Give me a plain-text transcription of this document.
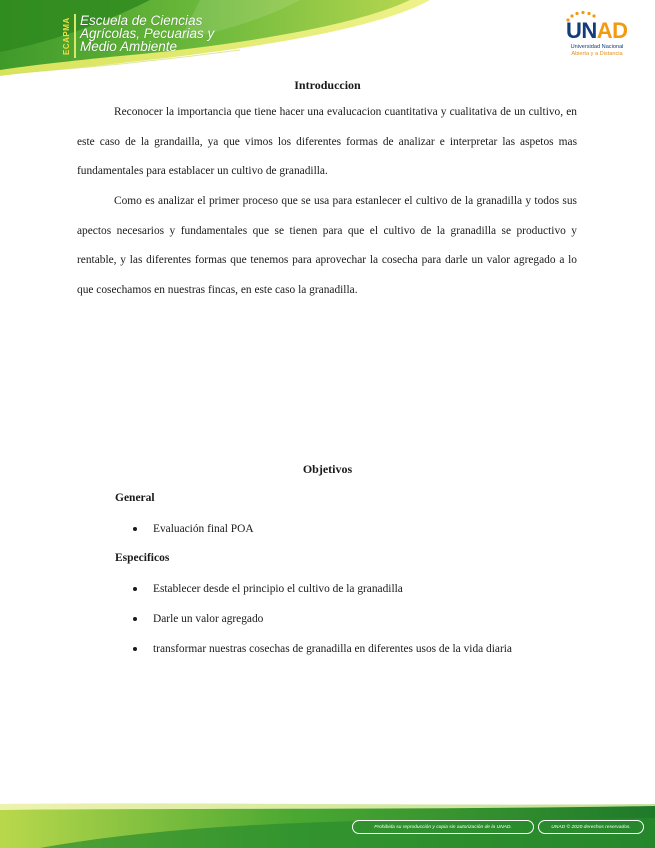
ECAPMA Escuela de Ciencias
Agrícolas, Pecuarias y
Medio Ambiente
UNAD
Universidad Nacional
Abierta y a Distancia
Introduccion

Reconocer la importancia que tiene hacer una evalucacion cuantitativa y cualitativa de un cultivo, en este caso de la grandailla, ya que vimos los diferentes formas de analizar e interpretar las aspetos mas fundamentales para establacer un cultivo de granadilla.

Como es analizar el primer proceso que se usa para estanlecer el cultivo de la granadilla y todos sus apectos necesarios y fundamentales que se tienen para que el cultivo de la granadilla se productivo y rentable, y las diferentes formas que tenemos para aprovechar la cosecha para darle un valor agregado a lo que cosechamos en nuestras fincas, en este caso la granadilla.

Objetivos
General
Evaluación final POA
Especificos
Establecer desde el principio el cultivo de la granadilla
Darle un valor agregado
transformar nuestras cosechas de granadilla en diferentes usos de la vida diaria
Prohibida su reproducción y copia sin autorización de la UNAD.	UNAD © 2020 derechos reservados.
